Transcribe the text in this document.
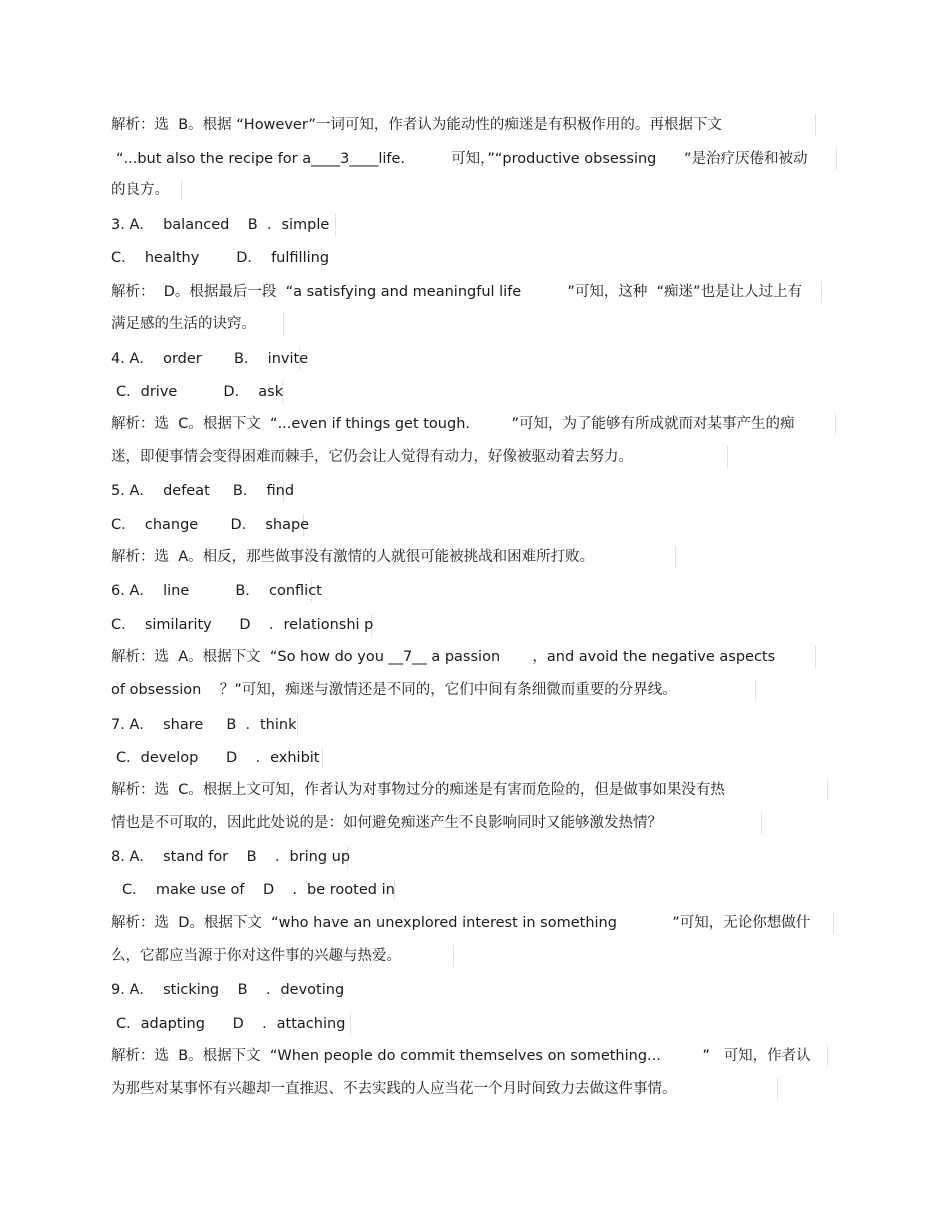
解析：选  B。根据 “However”一词可知，作者认为能动性的痴迷是有积极作用的。再根据下文
“...but also the recipe for a____3____life.          可知，”“productive obsessing      ”是治疗厌倦和被动
的良方。
3. A．  balanced    B  ．simple
C．  healthy        D．  fulfilling
解析：  D。根据最后一段  “a satisfying and meaningful life          ”可知，这种  “痴迷”也是让人过上有
满足感的生活的诀窍。
4. A．  order       B．  invite
C．drive          D．  ask
解析：选  C。根据下文  “...even if things get tough.         ”可知，为了能够有所成就而对某事产生的痴
迷，即便事情会变得困难而棘手，它仍会让人觉得有动力，好像被驱动着去努力。
5. A．  defeat     B．  find
C．  change       D．  shape
解析：选  A。相反，那些做事没有激情的人就很可能被挑战和困难所打败。
6. A．  line          B．  conflict
C．  similarity      D    ．relationshi p
解析：选  A。根据下文  “So how do you __7__ a passion       ，and avoid the negative aspects
of obsession    ？”可知，痴迷与激情还是不同的，它们中间有条细微而重要的分界线。
7. A．  share     B  ．think
C．develop      D    ．exhibit
解析：选  C。根据上文可知，作者认为对事物过分的痴迷是有害而危险的，但是做事如果没有热
情也是不可取的，因此此处说的是：如何避免痴迷产生不良影响同时又能够激发热情？
8. A．  stand for    B    ．bring up
C．  make use of    D    ．be rooted in
解析：选  D。根据下文  “who have an unexplored interest in something            ”可知，无论你想做什
么，它都应当源于你对这件事的兴趣与热爱。
9. A．  sticking    B    ．devoting
C．adapting      D    ．attaching
解析：选  B。根据下文  “When people do commit themselves on something...         ”   可知，作者认
为那些对某事怀有兴趣却一直推迟、不去实践的人应当花一个月时间致力去做这件事情。
